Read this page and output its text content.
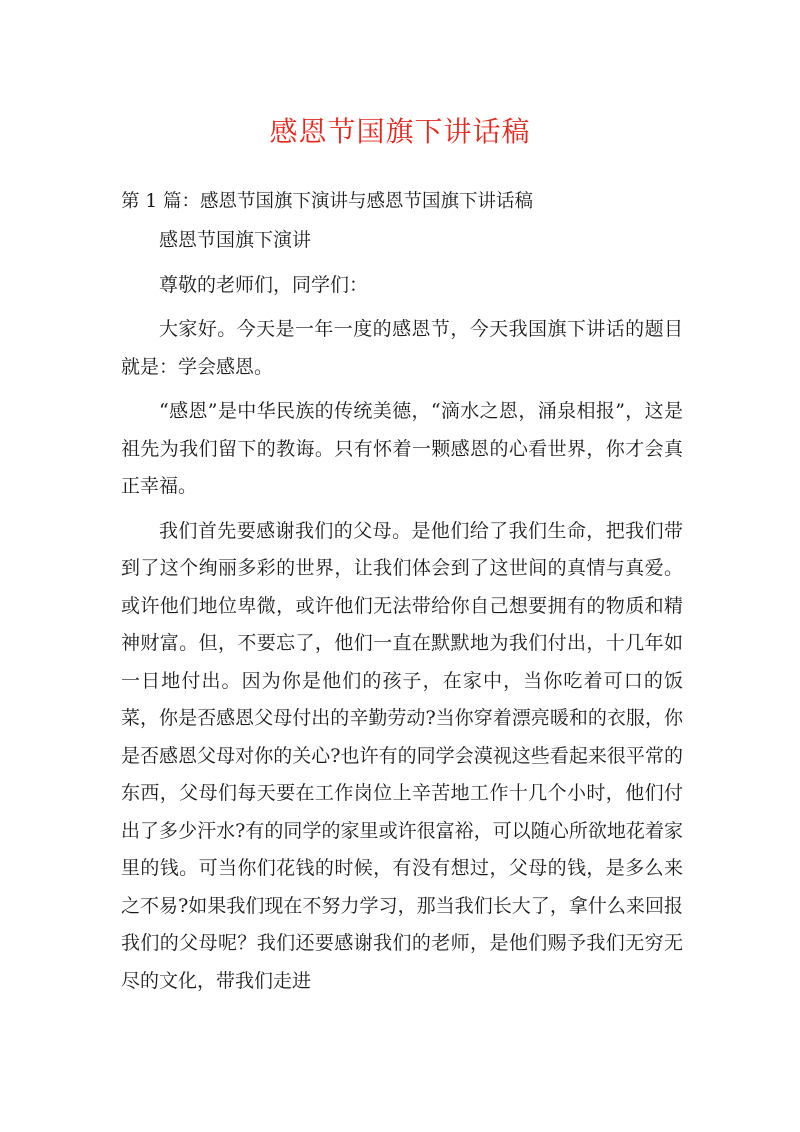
感恩节国旗下讲话稿

第 1 篇：感恩节国旗下演讲与感恩节国旗下讲话稿

感恩节国旗下演讲

尊敬的老师们，同学们：

大家好。今天是一年一度的感恩节，今天我国旗下讲话的题目就是：学会感恩。

“感恩”是中华民族的传统美德，“滴水之恩，涌泉相报”，这是祖先为我们留下的教诲。只有怀着一颗感恩的心看世界，你才会真正幸福。

我们首先要感谢我们的父母。是他们给了我们生命，把我们带到了这个绚丽多彩的世界，让我们体会到了这世间的真情与真爱。或许他们地位卑微，或许他们无法带给你自己想要拥有的物质和精神财富。但，不要忘了，他们一直在默默地为我们付出，十几年如一日地付出。因为你是他们的孩子，在家中，当你吃着可口的饭菜，你是否感恩父母付出的辛勤劳动?当你穿着漂亮暖和的衣服，你是否感恩父母对你的关心?也许有的同学会漠视这些看起来很平常的东西，父母们每天要在工作岗位上辛苦地工作十几个小时，他们付出了多少汗水?有的同学的家里或许很富裕，可以随心所欲地花着家里的钱。可当你们花钱的时候，有没有想过，父母的钱，是多么来之不易?如果我们现在不努力学习，那当我们长大了，拿什么来回报我们的父母呢？我们还要感谢我们的老师，是他们赐予我们无穷无尽的文化，带我们走进
